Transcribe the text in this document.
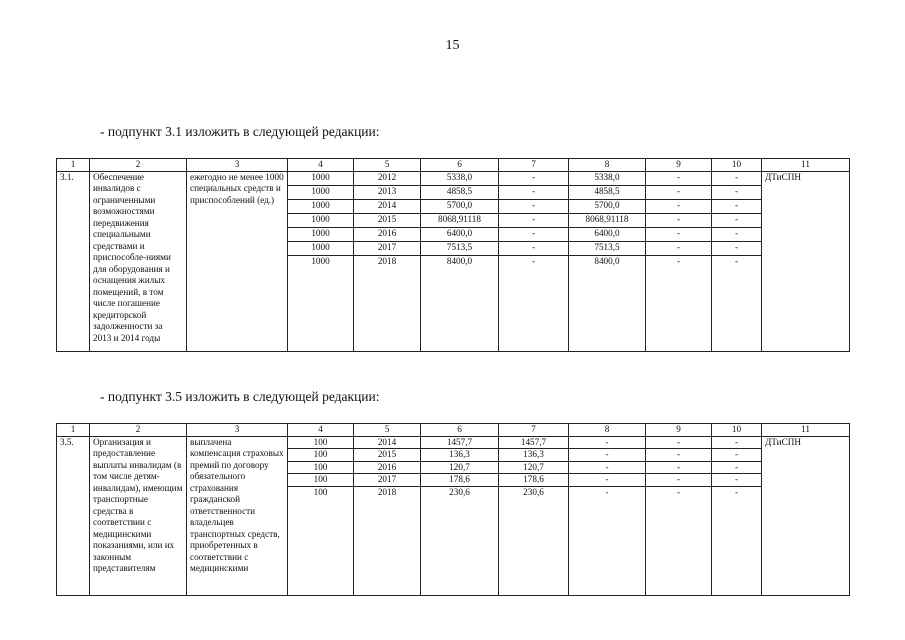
15
- подпункт 3.1 изложить в следующей редакции:
1	2	3	4	5	6	7	8	9	10	11
3.1.	Обеспечение инвалидов с ограниченными возможностями передвижения специальными средствами и приспособле-ниями для оборудования и оснащения жилых помещений, в том числе погашение кредиторской задолженности за 2013 и 2014 годы	ежегодно не менее 1000 специальных средств и приспособлений (ед.)	1000	2012	5338,0	-	5338,0	-	-	ДТиСПН
			1000	2013	4858,5	-	4858,5	-	-	
			1000	2014	5700,0	-	5700,0	-	-	
			1000	2015	8068,91118	-	8068,91118	-	-	
			1000	2016	6400,0	-	6400,0	-	-	
			1000	2017	7513,5	-	7513,5	-	-	
			1000	2018	8400,0	-	8400,0	-	-	
- подпункт 3.5 изложить в следующей редакции:
1	2	3	4	5	6	7	8	9	10	11
3.5.	Организация и предоставление выплаты инвалидам (в том числе детям-инвалидам), имеющим транспортные средства в соответствии с медицинскими показаниями, или их законным представителям	выплачена компенсация страховых премий по договору обязательного страхования гражданской ответственности владельцев транспортных средств, приобретенных в соответствии с медицинскими	100	2014	1457,7	1457,7	-	-	-	ДТиСПН
			100	2015	136,3	136,3	-	-	-	
			100	2016	120,7	120,7	-	-	-	
			100	2017	178,6	178,6	-	-	-	
			100	2018	230,6	230,6	-	-	-	
